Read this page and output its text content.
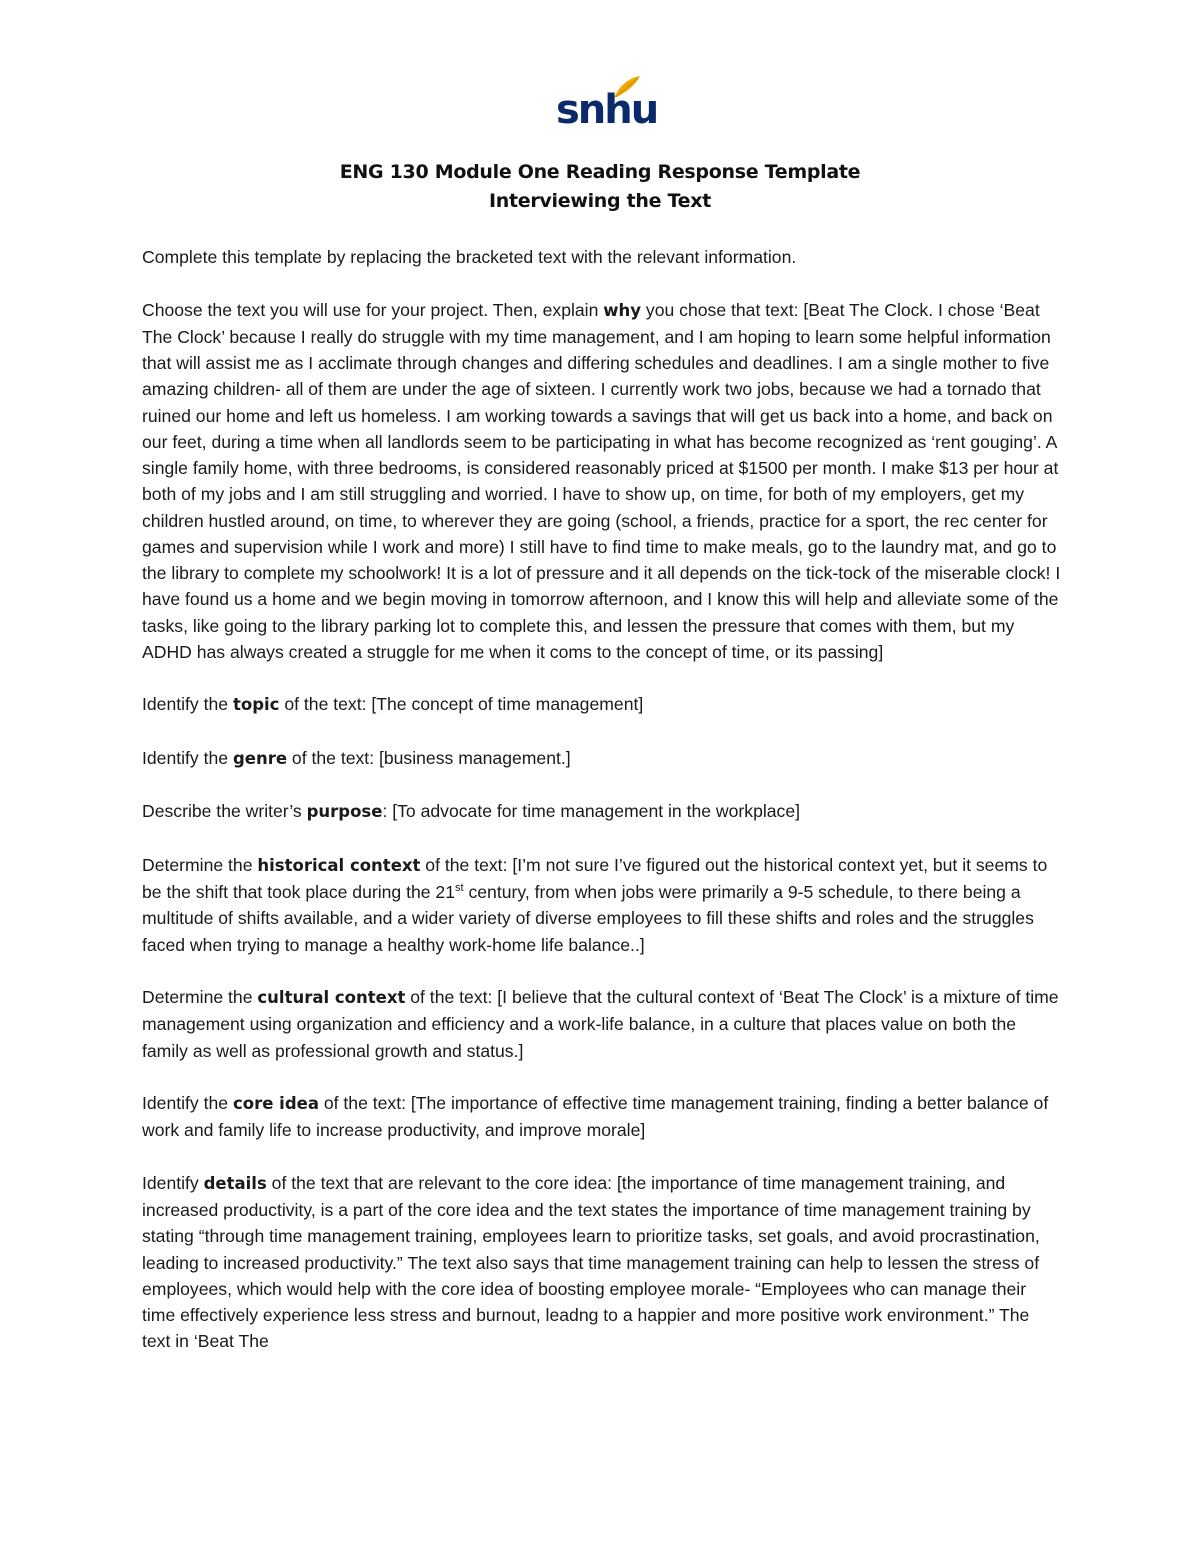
snhu

ENG 130 Module One Reading Response Template

Interviewing the Text

Complete this template by replacing the bracketed text with the relevant information.

Choose the text you will use for your project. Then, explain why you chose that text: [Beat The Clock. I chose ‘Beat The Clock’ because I really do struggle with my time management, and I am hoping to learn some helpful information that will assist me as I acclimate through changes and differing schedules and deadlines. I am a single mother to five amazing children- all of them are under the age of sixteen. I currently work two jobs, because we had a tornado that ruined our home and left us homeless. I am working towards a savings that will get us back into a home, and back on our feet, during a time when all landlords seem to be participating in what has become recognized as ‘rent gouging’. A single family home, with three bedrooms, is considered reasonably priced at $1500 per month. I make $13 per hour at both of my jobs and I am still struggling and worried. I have to show up, on time, for both of my employers, get my children hustled around, on time, to wherever they are going (school, a friends, practice for a sport, the rec center for games and supervision while I work and more) I still have to find time to make meals, go to the laundry mat, and go to the library to complete my schoolwork! It is a lot of pressure and it all depends on the tick-tock of the miserable clock! I have found us a home and we begin moving in tomorrow afternoon, and I know this will help and alleviate some of the tasks, like going to the library parking lot to complete this, and lessen the pressure that comes with them, but my ADHD has always created a struggle for me when it coms to the concept of time, or its passing]

Identify the topic of the text: [The concept of time management]

Identify the genre of the text: [business management.]

Describe the writer’s purpose: [To advocate for time management in the workplace]

Determine the historical context of the text: [I’m not sure I’ve figured out the historical context yet, but it seems to be the shift that took place during the 21st century, from when jobs were primarily a 9-5 schedule, to there being a multitude of shifts available, and a wider variety of diverse employees to fill these shifts and roles and the struggles faced when trying to manage a healthy work-home life balance..]

Determine the cultural context of the text: [I believe that the cultural context of ‘Beat The Clock’ is a mixture of time management using organization and efficiency and a work-life balance, in a culture that places value on both the family as well as professional growth and status.]

Identify the core idea of the text: [The importance of effective time management training, finding a better balance of work and family life to increase productivity, and improve morale]

Identify details of the text that are relevant to the core idea: [the importance of time management training, and increased productivity, is a part of the core idea and the text states the importance of time management training by stating “through time management training, employees learn to prioritize tasks, set goals, and avoid procrastination, leading to increased productivity.” The text also says that time management training can help to lessen the stress of employees, which would help with the core idea of boosting employee morale- “Employees who can manage their time effectively experience less stress and burnout, leadng to a happier and more positive work environment.” The text in ‘Beat The
